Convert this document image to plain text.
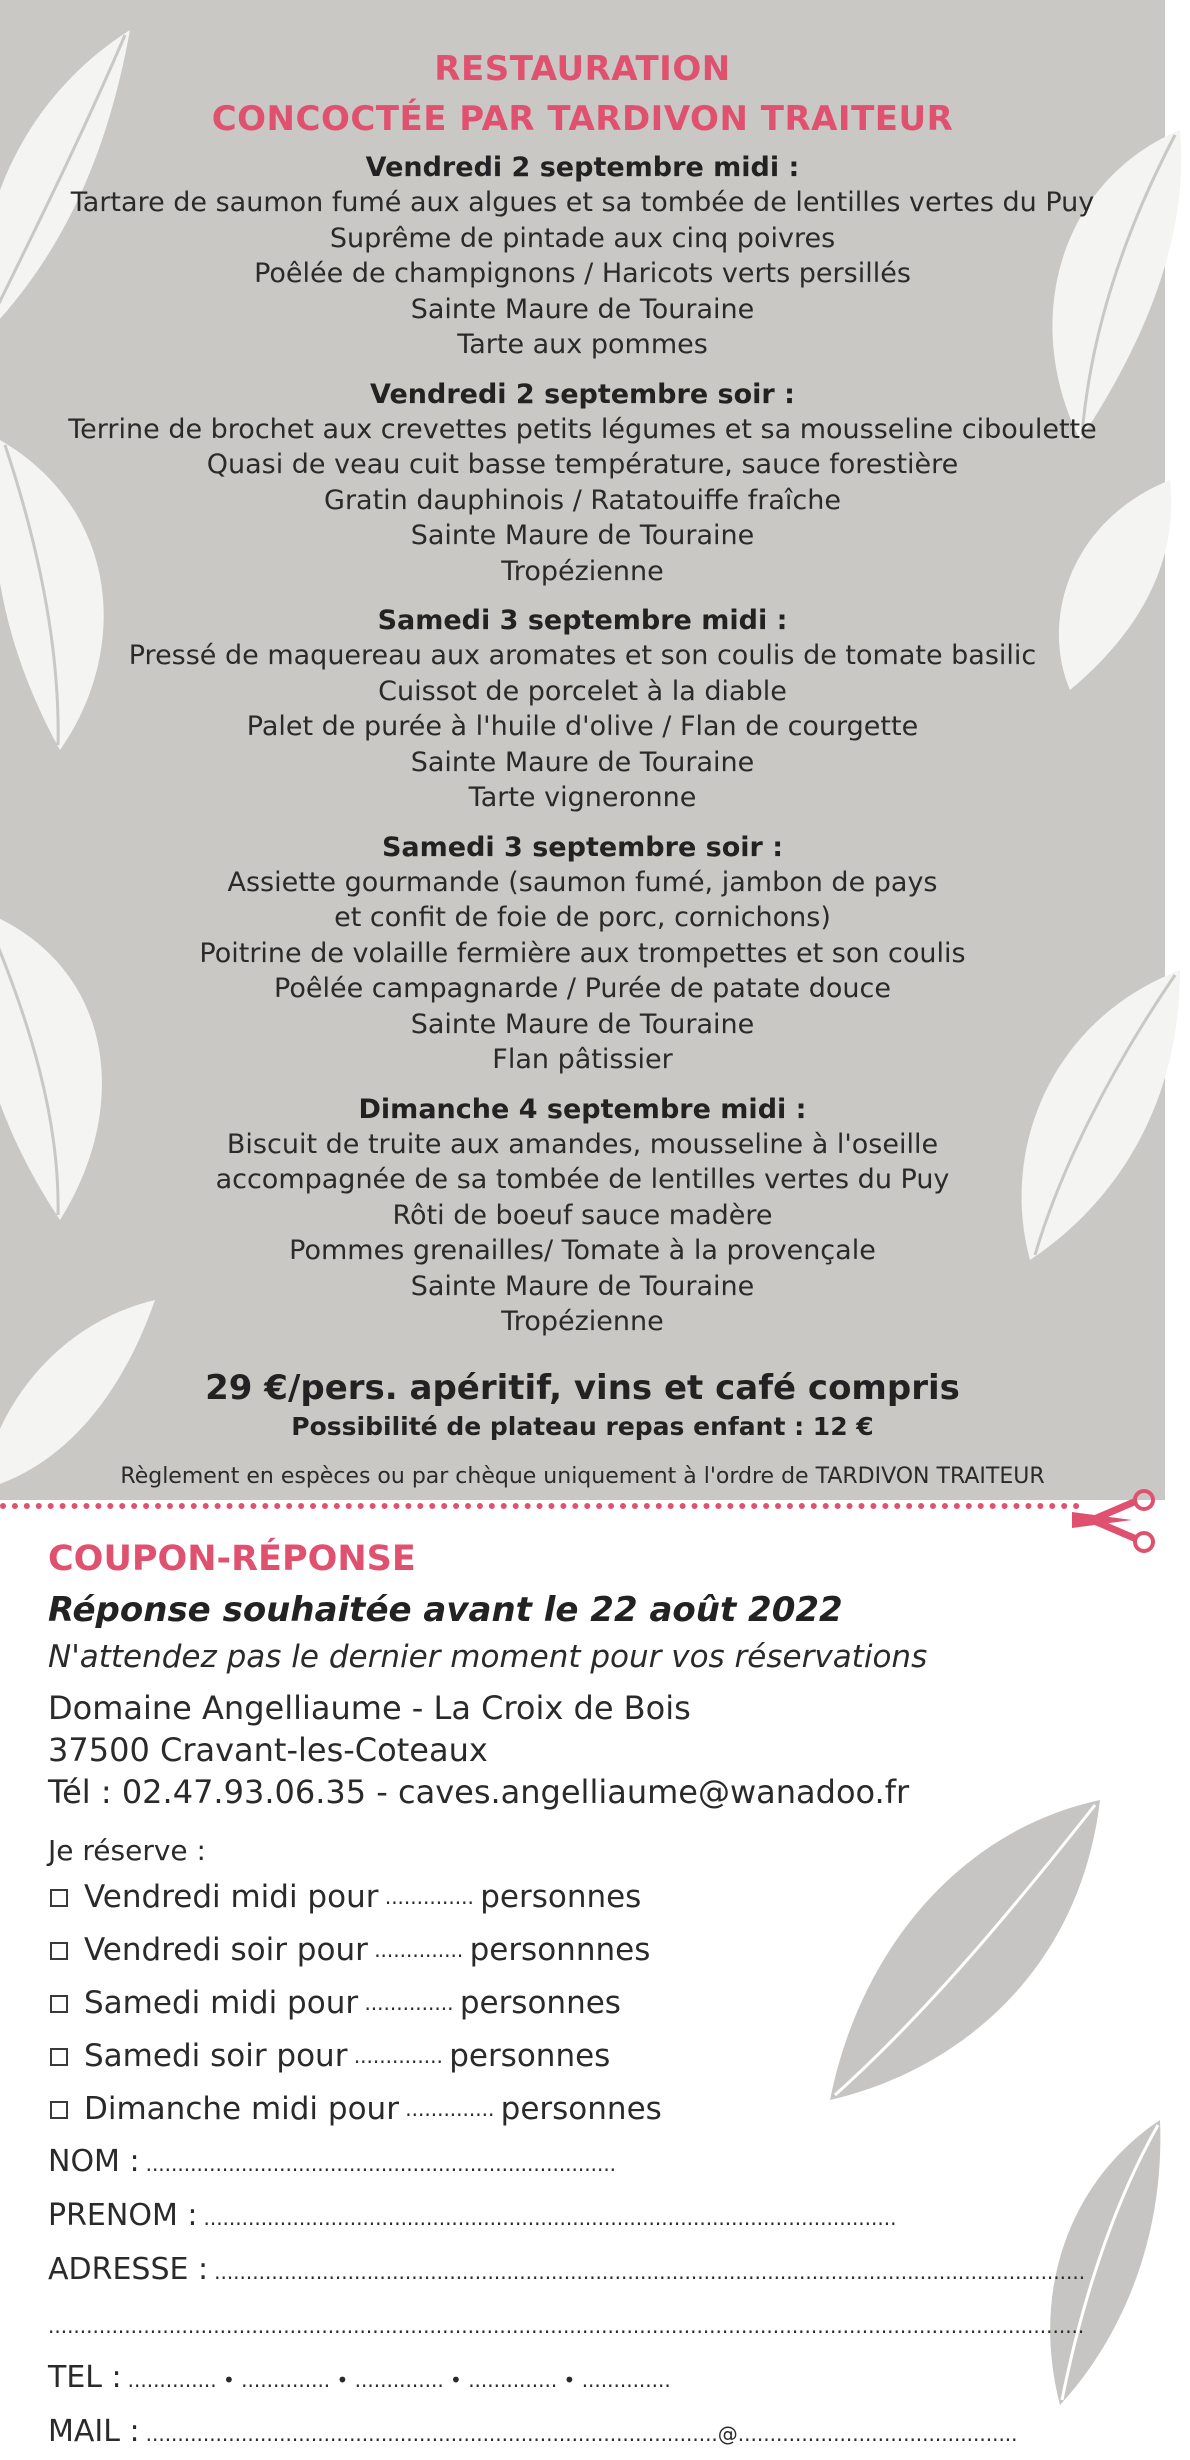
RESTAURATION
CONCOCTÉE PAR TARDIVON TRAITEUR
Vendredi 2 septembre midi :
Tartare de saumon fumé aux algues et sa tombée de lentilles vertes du Puy
Suprême de pintade aux cinq poivres
Poêlée de champignons / Haricots verts persillés
Sainte Maure de Touraine
Tarte aux pommes
Vendredi 2 septembre soir :
Terrine de brochet aux crevettes petits légumes et sa mousseline ciboulette
Quasi de veau cuit basse température, sauce forestière
Gratin dauphinois / Ratatouiffe fraîche
Sainte Maure de Touraine
Tropézienne
Samedi 3 septembre midi :
Pressé de maquereau aux aromates et son coulis de tomate basilic
Cuissot de porcelet à la diable
Palet de purée à l'huile d'olive / Flan de courgette
Sainte Maure de Touraine
Tarte vigneronne
Samedi 3 septembre soir :
Assiette gourmande (saumon fumé, jambon de pays
et confit de foie de porc, cornichons)
Poitrine de volaille fermière aux trompettes et son coulis
Poêlée campagnarde / Purée de patate douce
Sainte Maure de Touraine
Flan pâtissier
Dimanche 4 septembre midi :
Biscuit de truite aux amandes, mousseline à l'oseille
accompagnée de sa tombée de lentilles vertes du Puy
Rôti de boeuf sauce madère
Pommes grenailles/ Tomate à la provençale
Sainte Maure de Touraine
Tropézienne
29 €/pers. apéritif, vins et café compris
Possibilité de plateau repas enfant : 12 €
Règlement en espèces ou par chèque uniquement à l'ordre de TARDIVON TRAITEUR
COUPON-RÉPONSE
Réponse souhaitée avant le 22 août 2022
N'attendez pas le dernier moment pour vos réservations
Domaine Angelliaume - La Croix de Bois
37500 Cravant-les-Coteaux
Tél : 02.47.93.06.35 - caves.angelliaume@wanadoo.fr
Je réserve :
Vendredi midi pour .............. personnes
Vendredi soir pour .............. personnnes
Samedi midi pour .............. personnes
Samedi soir pour .............. personnes
Dimanche midi pour .............. personnes
NOM : ..........................................................................
PRENOM : .............................................................................................................
ADRESSE : .........................................................................................................................................
...................................................................................................................................................................
TEL : .............. • .............. • .............. • .............. • ..............
MAIL : ..........................................................................................@............................................
